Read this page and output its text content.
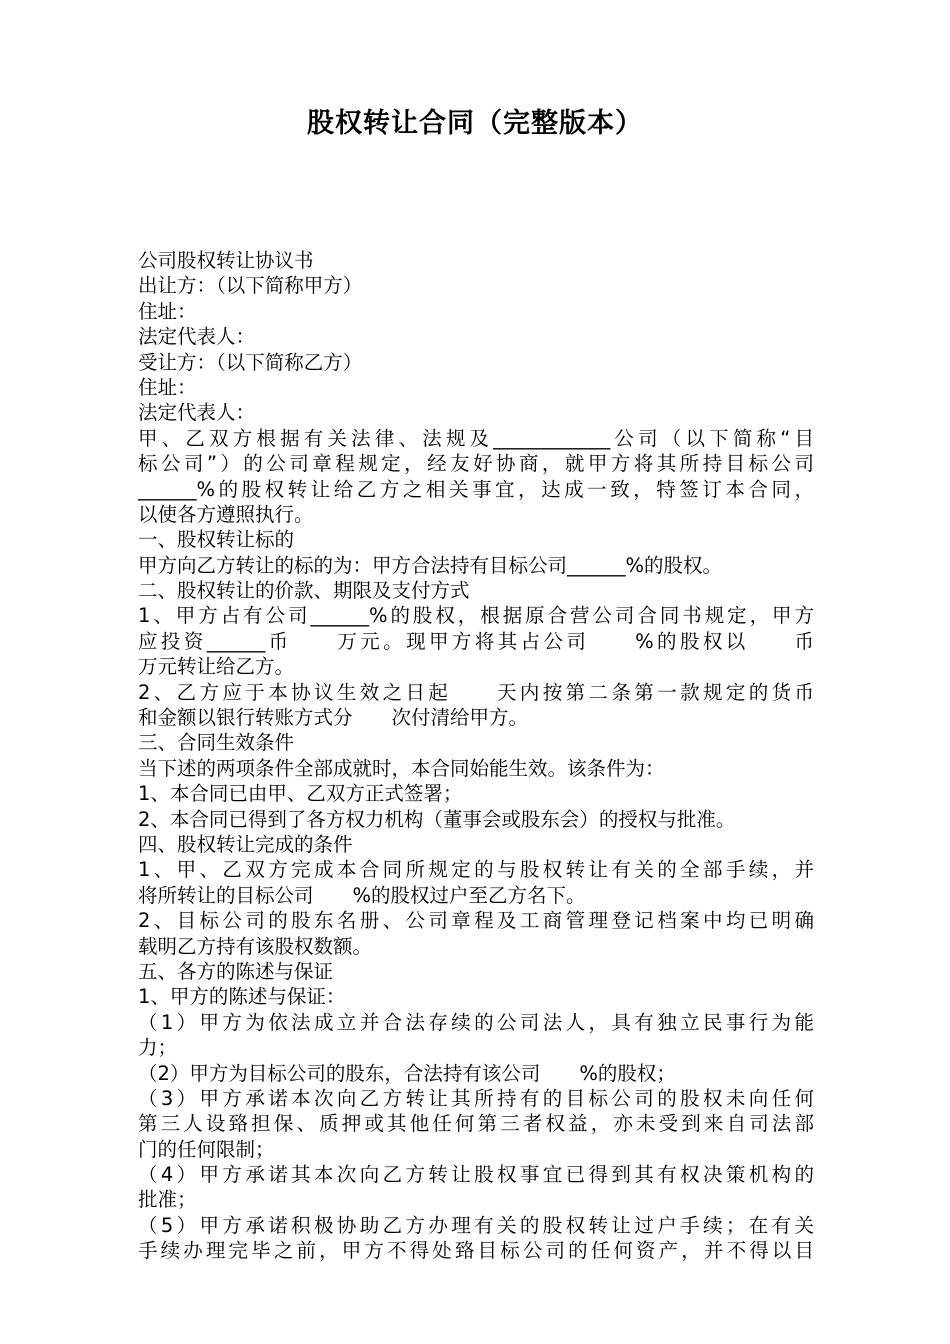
股权转让合同（完整版本）
公司股权转让协议书
出让方：（以下简称甲方）
住址：
法定代表人：
受让方：（以下简称乙方）
住址：
法定代表人：
甲、乙双方根据有关法律、法规及____________公司（以下简称“目
标公司”）的公司章程规定，经友好协商，就甲方将其所持目标公司
______%的股权转让给乙方之相关事宜，达成一致，特签订本合同，
以使各方遵照执行。
一、股权转让标的
甲方向乙方转让的标的为：甲方合法持有目标公司______%的股权。
二、股权转让的价款、期限及支付方式
1、甲方占有公司______%的股权，根据原合营公司合同书规定，甲方
应投资______币　　万元。现甲方将其占公司　　%的股权以　　币
万元转让给乙方。
2、乙方应于本协议生效之日起　　天内按第二条第一款规定的货币
和金额以银行转账方式分　　次付清给甲方。
三、合同生效条件
当下述的两项条件全部成就时，本合同始能生效。该条件为：
1、本合同已由甲、乙双方正式签署；
2、本合同已得到了各方权力机构（董事会或股东会）的授权与批准。
四、股权转让完成的条件
1、甲、乙双方完成本合同所规定的与股权转让有关的全部手续，并
将所转让的目标公司　　%的股权过户至乙方名下。
2、目标公司的股东名册、公司章程及工商管理登记档案中均已明确
载明乙方持有该股权数额。
五、各方的陈述与保证
1、甲方的陈述与保证：
（1）甲方为依法成立并合法存续的公司法人，具有独立民事行为能
力；
（2）甲方为目标公司的股东，合法持有该公司　　%的股权；
（3）甲方承诺本次向乙方转让其所持有的目标公司的股权未向任何
第三人设臵担保、质押或其他任何第三者权益，亦未受到来自司法部
门的任何限制；
（4）甲方承诺其本次向乙方转让股权事宜已得到其有权决策机构的
批准；
（5）甲方承诺积极协助乙方办理有关的股权转让过户手续；在有关
手续办理完毕之前，甲方不得处臵目标公司的任何资产，并不得以目
